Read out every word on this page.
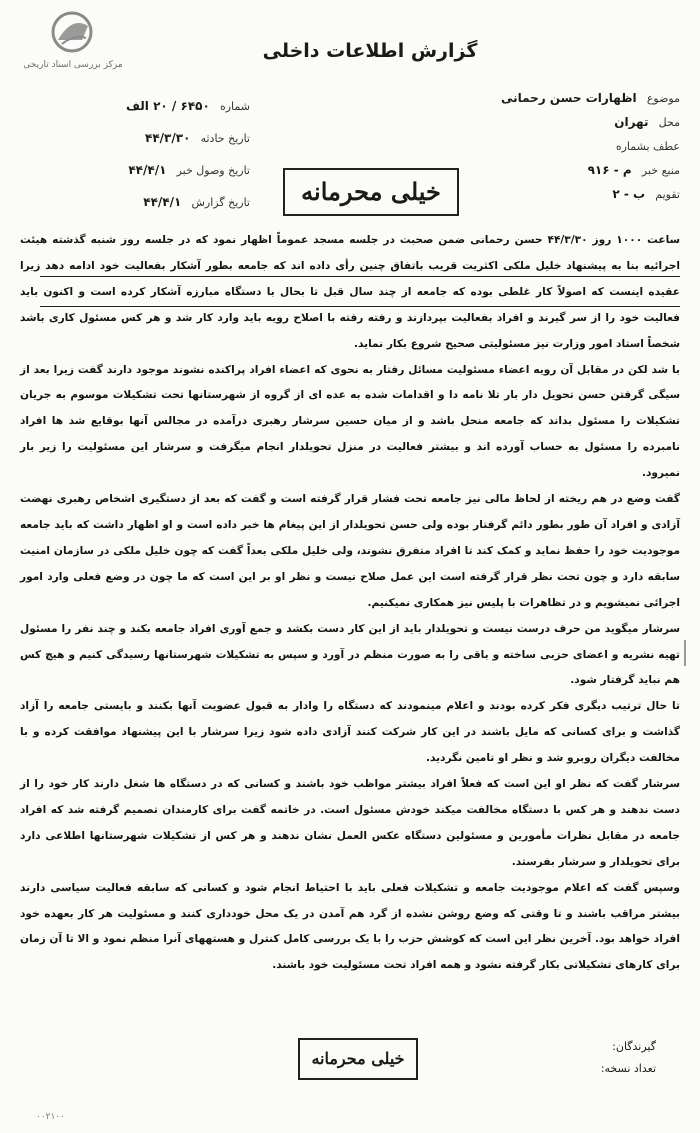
مرکز بررسی اسناد تاریخی
گزارش اطلاعات داخلی
موضوع اظهارات حسن رحمانی
محل تهران
عطف بشماره
منبع خبر م - ۹۱۶
تقویم ب - ۲
شماره ۶۴۵۰ / ۲۰ الف
تاریخ حادثه ۴۴/۳/۳۰
تاریخ وصول خبر ۴۴/۴/۱
تاریخ گزارش ۴۴/۴/۱	خیلی محرمانه

ساعت ۱۰۰۰ روز ۴۴/۳/۳۰ حسن رحمانی ضمن صحبت در جلسه مسجد عموماً اظهار نمود که در جلسه روز شنبه گذشته هیئت اجرائیه بنا به پیشنهاد خلیل ملکی اکثریت قریب باتفاق چنین رأی داده اند که جامعه بطور آشکار بفعالیت خود ادامه دهد زیرا عقیده اینست که اصولاً کار غلطی بوده که جامعه از چند سال قبل تا بحال با دستگاه مبارزه آشکار کرده است و اکنون باید فعالیت خود را از سر گیرند و افراد بفعالیت بپردازند و رفته رفته با اصلاح رویه باید وارد کار شد و هر کس مسئول کاری باشد شخصاً استاد امور وزارت نیز مسئولیتی صحیح شروع بکار نماید.

با شد لکن در مقابل آن رویه اعضاء مسئولیت مسائل رفتار به نحوی که اعضاء افراد پراکنده نشوند موجود دارند گفت زیرا بعد از سیگی گرفتن حسن تحویل دار بار تلا نامه دا و اقدامات شده به عده ای از گروه از شهرستانها تحت تشکیلات موسوم به جریان تشکیلات را مسئول بداند که جامعه منحل باشد و از میان حسین سرشار رهبری درآمده در مجالس آنها بوقایع شد ها افراد نامبرده را مسئول به حساب آورده اند و بیشتر فعالیت در منزل تحویلدار انجام میگرفت و سرشار این مسئولیت را زیر بار نمیرود.

گفت وضع در هم ریخته از لحاظ مالی نیز جامعه تحت فشار قرار گرفته است و گفت که بعد از دستگیری اشخاص رهبری نهضت آزادی و افراد آن طور بطور دائم گرفتار بوده ولی حسن تحویلدار از این پیغام ها خبر داده است و او اظهار داشت که باید جامعه موجودیت خود را حفظ نماید و کمک کند تا افراد متفرق نشوند، ولی خلیل ملکی بعداً گفت که چون خلیل ملکی در سازمان امنیت سابقه دارد و چون تحت نظر قرار گرفته است این عمل صلاح نیست و نظر او بر این است که ما چون در وضع فعلی وارد امور اجرائی نمیشویم و در تظاهرات با پلیس نیز همکاری نمیکنیم.

سرشار میگوید من حرف درست نیست و تحویلدار باید از این کار دست بکشد و جمع آوری افراد جامعه بکند و چند نفر را مسئول تهیه نشریه و اعضای حزبی ساخته و باقی را به صورت منظم در آورد و سپس به تشکیلات شهرستانها رسیدگی کنیم و هیچ کس هم نباید گرفتار شود.

تا حال ترتیب دیگری فکر کرده بودند و اعلام مینمودند که دستگاه را وادار به قبول عضویت آنها بکنند و بایستی جامعه را آزاد گذاشت و برای کسانی که مایل باشند در این کار شرکت کنند آزادی داده شود زیرا سرشار با این پیشنهاد موافقت کرده و با مخالفت دیگران روبرو شد و نظر او تامین نگردید.

سرشار گفت که نظر او این است که فعلاً افراد بیشتر مواظب خود باشند و کسانی که در دستگاه ها شغل دارند کار خود را از دست ندهند و هر کس با دستگاه مخالفت میکند خودش مسئول است. در خاتمه گفت برای کارمندان تصمیم گرفته شد که افراد جامعه در مقابل نظرات مأمورین و مسئولین دستگاه عکس العمل نشان ندهند و هر کس از تشکیلات شهرستانها اطلاعی دارد برای تحویلدار و سرشار بفرستد.

وسپس گفت که اعلام موجودیت جامعه و تشکیلات فعلی باید با احتیاط انجام شود و کسانی که سابقه فعالیت سیاسی دارند بیشتر مراقب باشند و تا وقتی که وضع روشن نشده از گرد هم آمدن در یک محل خودداری کنند و مسئولیت هر کار بعهده خود افراد خواهد بود. آخرین نظر این است که کوشش حزب را با یک بررسی کامل کنترل و هستههای آنرا منظم نمود و الا تا آن زمان برای کارهای تشکیلاتی بکار گرفته نشود و همه افراد تحت مسئولیت خود باشند.

خیلی محرمانه
گیرندگان:
تعداد نسخه:
۰۰۲۱۰۰
